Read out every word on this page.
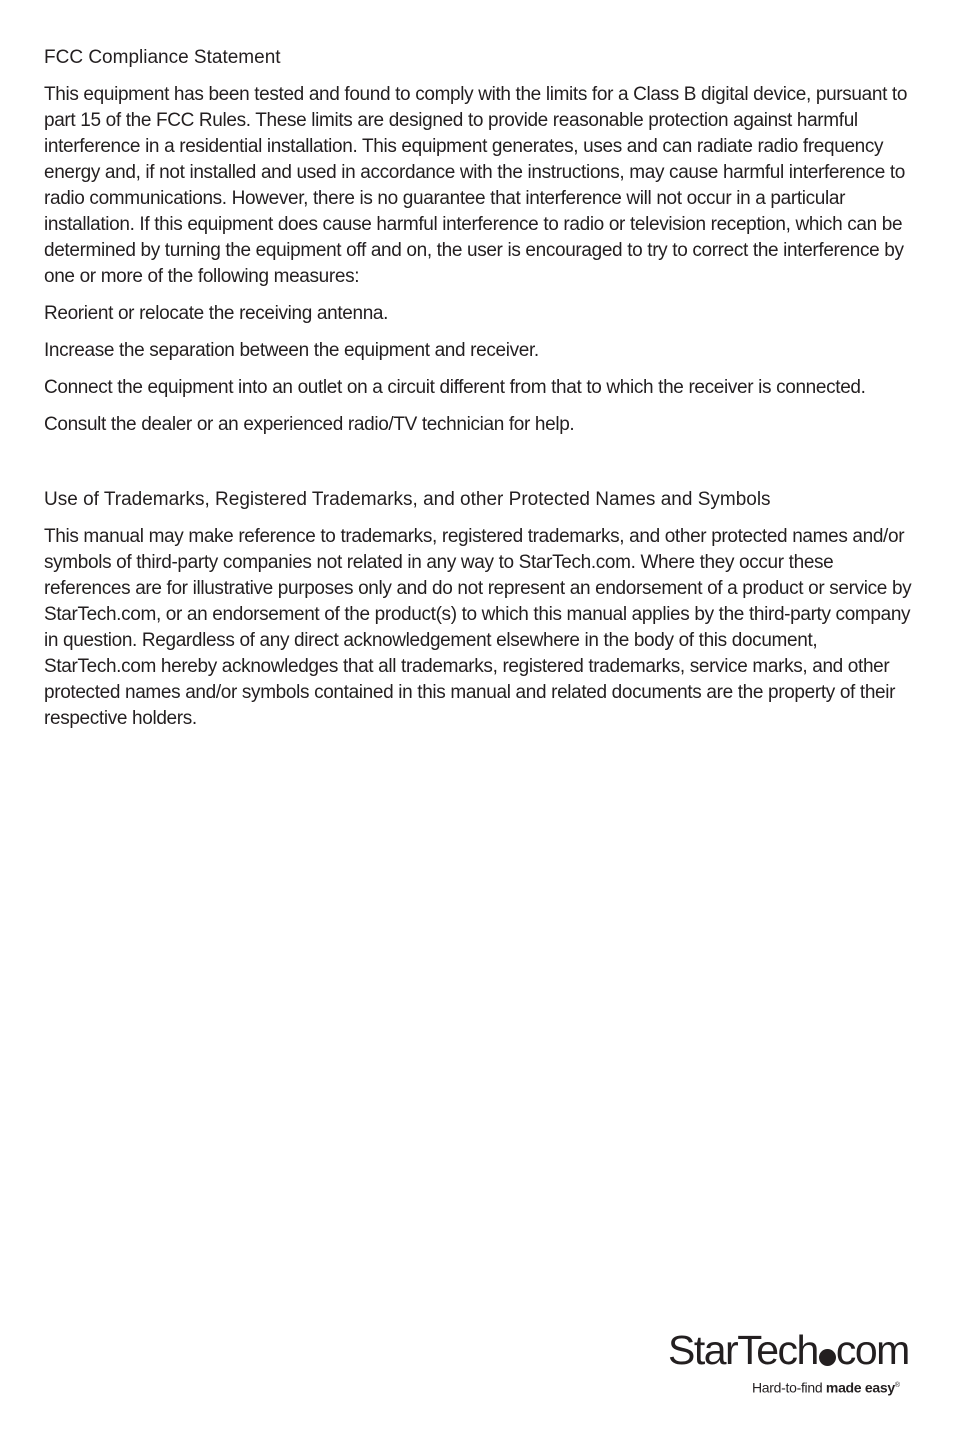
FCC Compliance Statement
This equipment has been tested and found to comply with the limits for a Class B digital device, pursuant to part 15 of the FCC Rules. These limits are designed to provide reasonable protection against harmful interference in a residential installation. This equipment generates, uses and can radiate radio frequency energy and, if not installed and used in accordance with the instructions, may cause harmful interference to radio communications. However, there is no guarantee that interference will not occur in a particular installation. If this equipment does cause harmful interference to radio or television reception, which can be determined by turning the equipment off and on, the user is encouraged to try to correct the interference by one or more of the following measures:
Reorient or relocate the receiving antenna.
Increase the separation between the equipment and receiver.
Connect the equipment into an outlet on a circuit different from that to which the receiver is connected.
Consult the dealer or an experienced radio/TV technician for help.
Use of Trademarks, Registered Trademarks, and other Protected Names and Symbols
This manual may make reference to trademarks, registered trademarks, and other protected names and/or symbols of third-party companies not related in any way to StarTech.com. Where they occur these references are for illustrative purposes only and do not represent an endorsement of a product or service by StarTech.com, or an endorsement of the product(s) to which this manual applies by the third-party company in question. Regardless of any direct acknowledgement elsewhere in the body of this document, StarTech.com hereby acknowledges that all trademarks, registered trademarks, service marks, and other protected names and/or symbols contained in this manual and related documents are the property of their respective holders.
StarTech com
Hard-to-find made easy®
